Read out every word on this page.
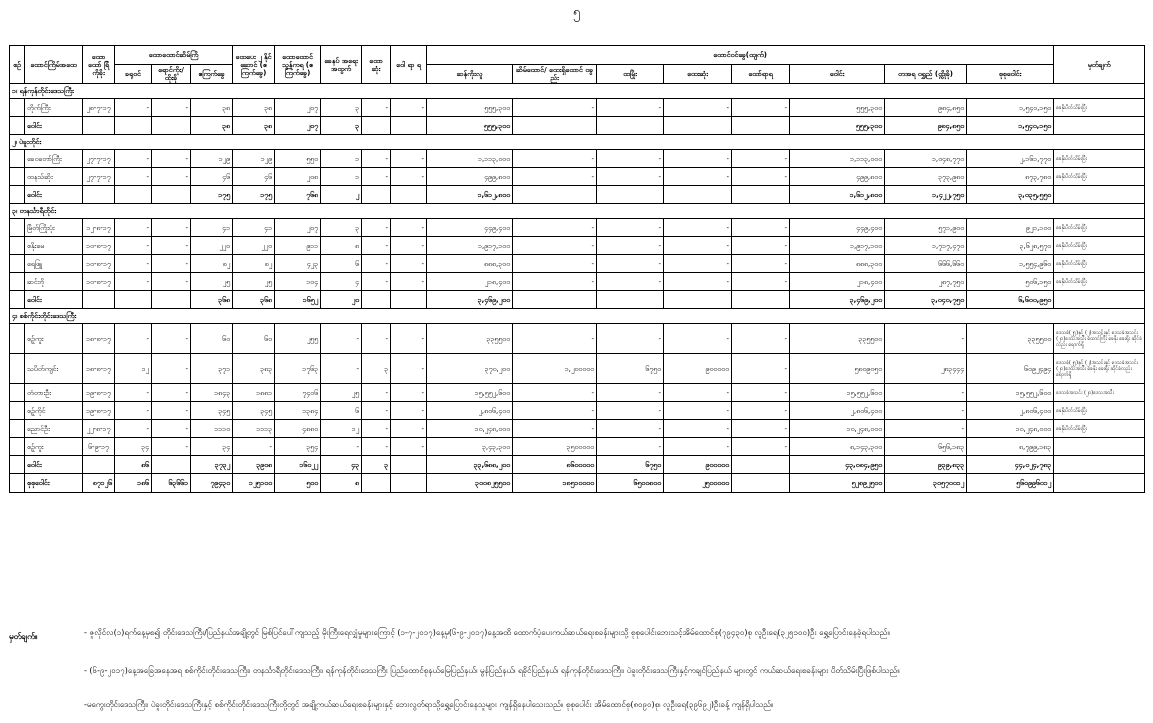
၅
စဉ်	ထောင်ကြိမ်အထေ	ထော ထော် ရြိ ကိုခိုး	ထောထောင်ဆိမ်ကြိ			ထေပေး ၂ နိုင် ဆောင် (ဧကြက်ခွေ)	ထောထောင် သွန်ကရ (ဧကြက်ခွေ)	ခေနပ် အရေး အထွက်	ထော ဆုံး	ဝေါ ရာ ရ	ထောင်ဝင်ခွေ(ထျက်)								မှတ်ချက်
			ခရုဝင်	ရောင်ကိုး/ ထိုးခို	ဧကြက်ခွေ						ဆန်ကိုးလူ	ဆိမ်ထောင်/ ထေးရှိထောင် ဝခွည်း	ထမြိုး	ထေးဆုံး	ထော်ရာရ	ဝေါင်း	တအရ ဝရွှည် (ထ္ကိုခို)	စုစုဝေါင်း	
၁၊ ရန်ကုန်တိုင်းဒေသကြီး																			
	တိုက်ကြီး	၂၈-၇-၁၇	-	-	၃၈	၃၈	၂၀၇	၃	-	-	၅၅၅,၃၀၀	-	-	-	-	၅၅၅,၃၀၀	၉၈၄,၈၅၀	၁,၅၄၀,၁၅၀	ခေနိုးပိတ်သိမ်းပြီး
	ဝေါင်း				၃၈	၃၈	၂၀၇	၃			၅၅၅,၃၀၀					၅၅၅,၃၀၀	၉၈၄,၈၅၀	၁,၅၄၀,၁၅၀	
၂၊ ပဲခူးတိုင်း																			
	ခေဝတော်ကြီး	၂၇-၇-၁၇	-	-	၁၂၉	၁၂၉	၅၅၀	၁	-	-	၁,၁၁၃,၀၀၀	-	-	-	-	၁,၁၁၃,၀၀၀	၁,၀၄၈,၇၇၀	၂,၁၆၁,၇၇၀	ခေနိုးပိတ်သိမ်းပြီး
	ထနသ်ဆိုး	၂၇-၇-၁၇	-	-	၄၆	၄၆	၂၀၈	၁	-	-	၄၉၉,၈၀၀	-	-	-	-	၄၉၉,၈၀၀	၃၇၃,၉၈၀	၈၇၃,၇၈၀	ခေနိုးပိတ်သိမ်းပြီး
	ဝေါင်း				၁၇၅	၁၇၅	၇၆၈	၂			၁,၆၁၂,၈၀၀					၁,၆၁၂,၈၀၀	၁,၄၂၂,၇၅၀	၃,၀၃၅,၅၅၀	
၃၊ တနင်္သာရီတိုင်း																			
	မြိတ်ကြိုးပုံး	၁၂-၈-၁၇	-	-	၄၁	၄၁	၂၀၇	၃	-	-	၄၄၉,၄၀၀	-	-	-	-	၄၄၉,၄၀၀	၅၇၁,၉၀၀	၉၂၁,၁၀၀	ခေနိုးပိတ်သိမ်းပြီး
	စနိုးမေ	၁၀-၈-၁၇	-	-	၂၂၀	၂၂၀	၉၁၁	၈	-	-	၁,၉၁၇,၁၀၀	-	-	-	-	၁,၉၁၇,၁၀၀	၁,၇၁၇,၄၇၀	၃,၆၂၈,၅၇၀	ခေနိုးပိတ်သိမ်းပြီး
	ရေဖြူ	၁၀-၈-၁၇	-	-	၈၂	၈၂	၄၂၃	၆	-	-	၈၈၈,၃၀၀	-	-	-	-	၈၈၈,၃၀၀	၆၆၆,၆၆၀	၁,၅၅၄,၉၆၀	ခေနိုးပိတ်သိမ်းပြီး
	ဆင်ဘို	၁၀-၈-၁၇	-	-	၂၅	၂၅	၁၀၄	၄	-	-	၂၁၈,၄၀၀	-	-	-	-	၂၁၈,၄၀၀	၂၈၇,၇၅၀	၅၀၆,၁၅၀	ခေနိုးပိတ်သိမ်းပြီး
	ဝေါင်း				၃၆၈	၃၆၈	၁၆၅၂	၂၀			၃,၄၆၉,၂၀၀					၃,၄၆၉,၂၀၀	၃,၀၄၀,၇၅၀	၆,၆၀၀,၉၅၀	
၄၊ စစ်ကိုင်းတိုင်းဒေသကြီး																			
	စဉ့်ကူး	၁၈-၈-၁၇	-	-	၆၀	၆၀	၂၅၅	-	-	-	၃၃၅၅၀၀	-	-	-	-	၃၃၅၅၀၀	-	၃၃၅၅၀၀	ဒေသခံ(၂၅)နှင့် (၂)အသင်းနှင့် ဒေသခံအသင်း (၂၀)ဒေသအသီး ထောင်ကြီး ခေနိုး ခေးရိုး ဆိုင်ခံလည်း ရောက်ရှိ
	သပိတ်ကျင်း	၁၈-၈-၁၇	၁၂	-	၃၇၁	၃၈၃	၁၇၆၃	-	၃	-	၃၇၀,၂၀၀	၁,၂၀၀၀၀၀	၆၇၅၀	၉၀၀၀၀၀	-	၅၈၀၉၀၅၀	၂၈၃၄၄၄	၆၀၉၂၄၉၄	ဒေသခံ(၂၅)နှင့် (၂)အသင်းနှင့် ဒေသခံအသင်း (၂၀)ဒေသအသီး ခေနိုး ခေးရိုး ဆိုင်ခံလည်း ရောက်ရှိ
	တံတားဦး	၁၉-၈-၁၇	-	-	၁၈၄၃	၁၈၈၁	၇၄၀၆	၂၅	-	-	၁၅,၅၅၂,၆၀၀	-	-	-	-	၁၅,၅၅၂,၆၀၀	-	၁၅,၅၅၂,၆၀၀	ဒေသခံအသင်း (၂၀)ဒေသအသီး
	စဉ့်ကိုင်	၁၉-၈-၁၇	-	-	၃၄၅	၃၄၅	၁၃၈၄	၆	-	-	၂,၈၀၆,၄၀၀	-	-	-	-	၂,၈၀၆,၄၀၀	-	၂,၈၀၆,၄၀၀	ခေနိုးပိတ်သိမ်းပြီး
	ညောင်ဦး	၂၂-၈-၁၇	-	-	၁၁၁၀	၁၁၁၃	၄၈၈၀	၁၂	-	-	၁၀,၂၄၈,၀၀၀	-	-	-	-	၁၀,၂၄၈,၀၀၀	-	၁၀,၂၄၈,၀၀၀	ခေနိုးပိတ်သိမ်းပြီး
	စဉ့်ကူး	၆-၉-၁၇	၃၄	-	၃၄	-	၃၅၄	-	-	-	၃,၄၃,၃၀၀	၃၅၀၀၀၀၀	-	-	-	၈,၁၄၃,၃၀၀	၆၅၆,၁၈၃	၈,၇၉၉,၁၈၃	
	ဝေါင်း		၈၆		၃၇၃၂	၃၉၀၈	၁၆၀၂၂	၄၃	၃		၃၃,၆၈၈,၂၀၀	၈၆၀၀၀၀၀	၆၇၅၀	၉၀၀၀၀၀		၄၃,၀၈၄,၉၅၀	၉၃၉,၈၃၃	၄၄,၀၂၄,၇၈၃	
	စုစုဝေါင်း	၈၇၁၂၆	၁၈၆	၆၃၆၆၁	၇၉၄၃၀	၁၂၅၁၀၀	၅၀၀	၈			၃၀၀၈၂၅၅၀၀	၁၈၅၁၀၀၀၀	၆၅၀၀၈၀၀	၂၅၀၀၀၀၀		၅၂၈၉၂၅၀၀	၃၀၅၇၀၀၁၂	၅၆၀၉၉၆၀၁၂	
မှတ်ချက်။	- ဇူလိုင်လ(၁)ရက်နေ့မှစ၍ တိုင်းဒေသကြီး/ပြည်နယ်အချို့တွင် မြစ်ပြင်ပေါ်ကျသည့် မိုးကြီးရေလျှံမှုများကြောင့် (၁-၇-၂၀၁၇)နေ့မှ(၆-၉-၂၀၁၇)နေ့အထိ ထောက်ပံ့ပေးကယ်ဆယ်ရေးစခန်းများသို့ စုစုပေါင်းဘေးသင့်အိမ်ထောင်စု(၇၉၄၃၀)စု လူဦးရေ(၃၂၅၁၀၀)ဦး ရွှေ့ပြောင်းနေခဲ့ရပါသည်။
- (၆-၉-၂၀၁၇)နေ့အခြေအနေအရ စစ်ကိုင်းတိုင်းဒေသကြီး၊ တနင်္သာရီတိုင်းဒေသကြီး၊ ရန်ကုန်တိုင်းဒေသကြီး ပြည်ထောင်စုနယ်မြေပြည်နယ်၊ မွန်ပြည်နယ်၊ ရခိုင်ပြည်နယ်၊ ရန်ကုန်တိုင်းဒေသကြီး၊ ပဲခူးတိုင်းဒေသကြီးနှင့်ကချင်ပြည်နယ် များတွင် ကယ်ဆယ်ရေးစခန်းများ ပိတ်သိမ်းပြီးဖြစ်ပါသည်။
-မကွေးတိုင်းဒေသကြီး၊ ပဲခူးတိုင်းဒေသကြီးနှင့် စစ်ကိုင်းတိုင်းဒေသကြီးတို့တွင် အချို့ကယ်ဆယ်ရေးစခန်းများနှင့် ဘေးလွတ်ရာသို့ရွှေ့ပြောင်းနေသူများ ကျန်ရှိနေပါသေးသည်။ စုစုပေါင်း အိမ်ထောင်စု(၈၀၉၀)စု၊ လူဦးရေ(၃၉၆၉၂)ဦးခန့် ကျန်ရှိပါသည်။
